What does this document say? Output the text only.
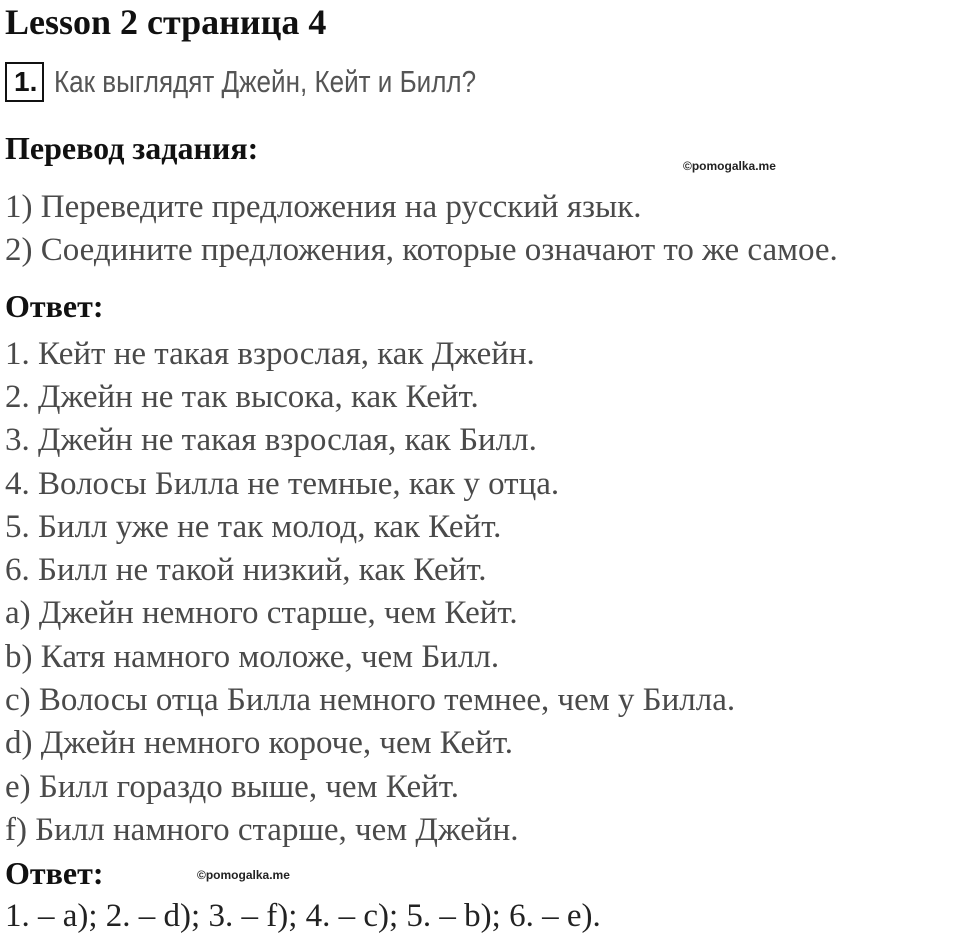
Lesson 2 страница 4
1. Как выглядят Джейн, Кейт и Билл?
Перевод задания:	©pomogalka.me
1) Переведите предложения на русский язык.
2) Соедините предложения, которые означают то же самое.
Ответ:
1. Кейт не такая взрослая, как Джейн.
2. Джейн не так высока, как Кейт.
3. Джейн не такая взрослая, как Билл.
4. Волосы Билла не темные, как у отца.
5. Билл уже не так молод, как Кейт.
6. Билл не такой низкий, как Кейт.
a) Джейн немного старше, чем Кейт.
b) Катя намного моложе, чем Билл.
c) Волосы отца Билла немного темнее, чем у Билла.
d) Джейн немного короче, чем Кейт.
e) Билл гораздо выше, чем Кейт.
f) Билл намного старше, чем Джейн.
Ответ:	©pomogalka.me
1. – a); 2. – d); 3. – f); 4. – c); 5. – b); 6. – e).
